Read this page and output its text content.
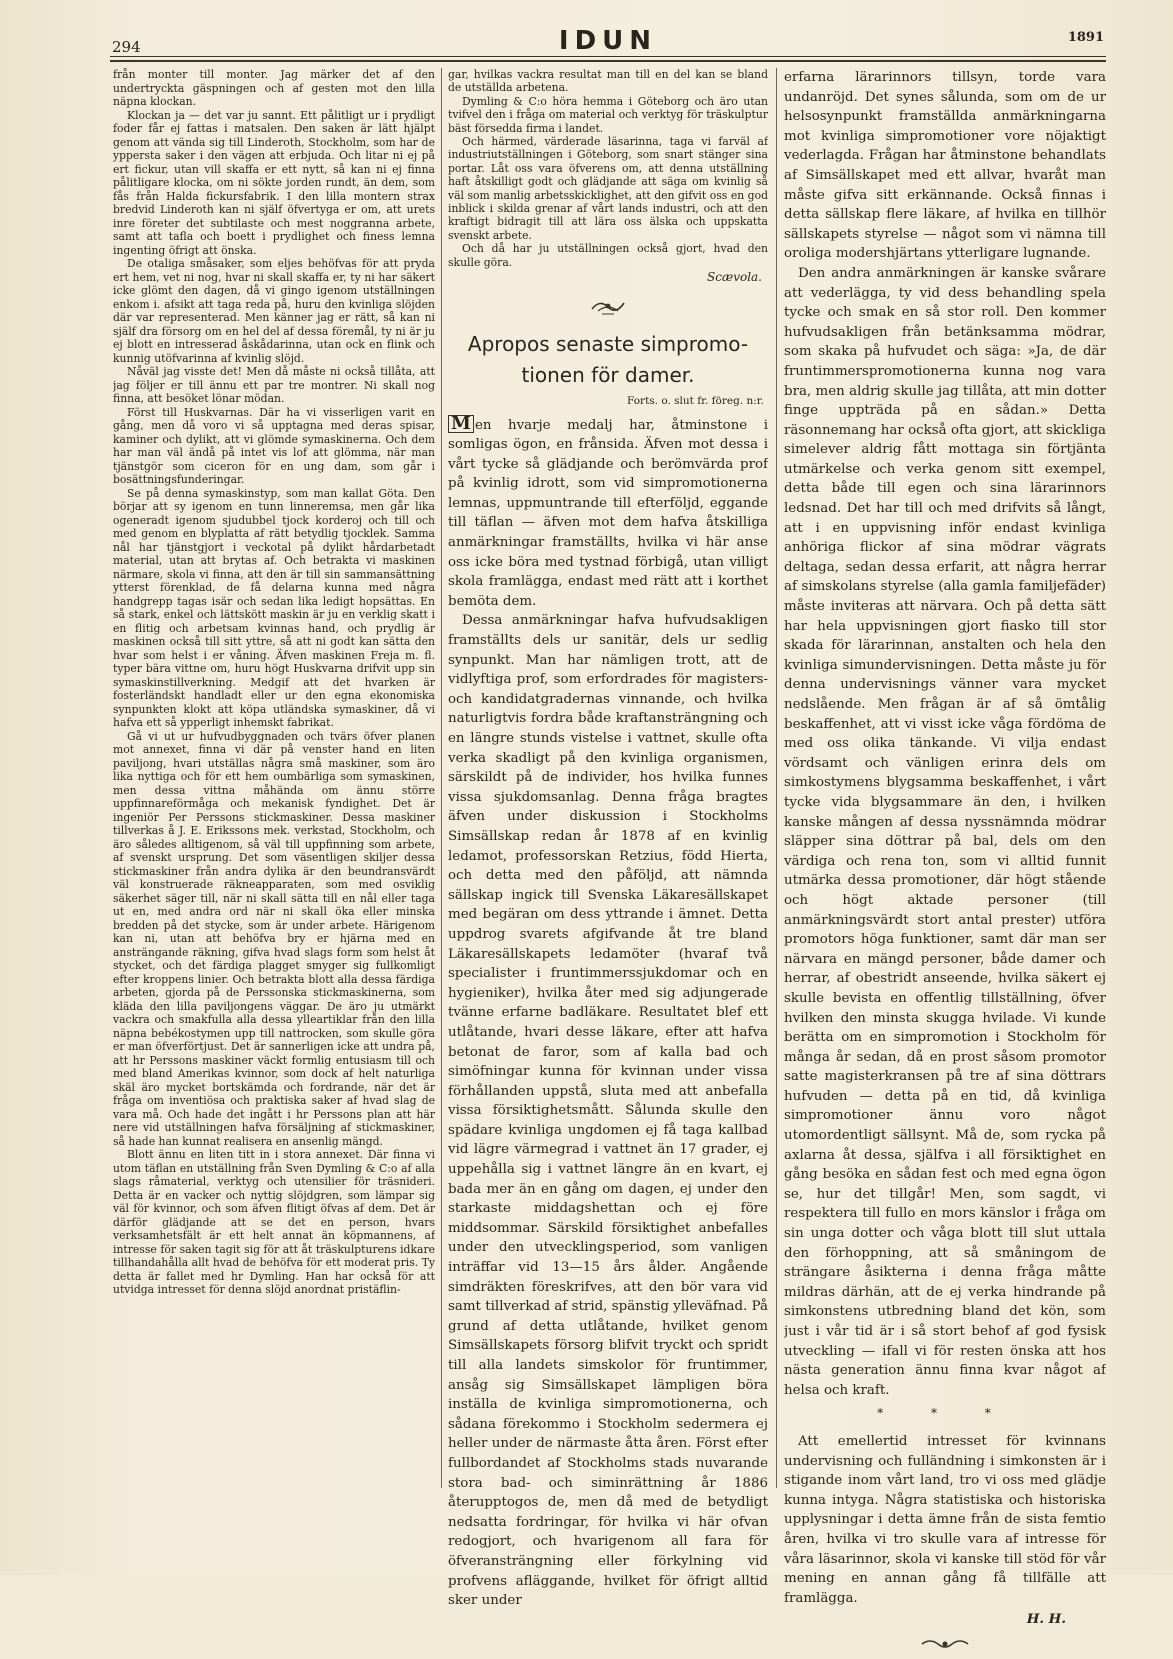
294	IDUN	1891

från monter till monter. Jag märker det af den undertryckta gäspningen och af gesten mot den lilla näpna klockan.

Klockan ja — det var ju sannt. Ett pålitligt ur i prydligt foder får ej fattas i matsalen. Den saken är lätt hjälpt genom att vända sig till Linderoth, Stockholm, som har de yppersta saker i den vägen att erbjuda. Och litar ni ej på ert fickur, utan vill skaffa er ett nytt, så kan ni ej finna pålitligare klocka, om ni sökte jorden rundt, än dem, som fås från Halda fickursfabrik. I den lilla montern strax bredvid Linderoth kan ni själf öfvertyga er om, att urets inre företer det subtilaste och mest noggranna arbete, samt att tafla och boett i prydlighet och finess lemna ingenting öfrigt att önska.

De otaliga småsaker, som eljes behöfvas för att pryda ert hem, vet ni nog, hvar ni skall skaffa er, ty ni har säkert icke glömt den dagen, då vi gingo igenom utställningen enkom i. afsikt att taga reda på, huru den kvinliga slöjden där var representerad. Men känner jag er rätt, så kan ni själf dra försorg om en hel del af dessa föremål, ty ni är ju ej blott en intresserad åskådarinna, utan ock en flink och kunnig utöfvarinna af kvinlig slöjd.

Nåväl jag visste det! Men då måste ni också tillåta, att jag följer er till ännu ett par tre montrer. Ni skall nog finna, att besöket lönar mödan.

Först till Huskvarnas. Där ha vi visserligen varit en gång, men då voro vi så upptagna med deras spisar, kaminer och dylikt, att vi glömde symaskinerna. Och dem har man väl ändå på intet vis lof att glömma, när man tjänstgör som ciceron för en ung dam, som går i bosättningsfunderingar.

Se på denna symaskinstyp, som man kallat Göta. Den börjar att sy igenom en tunn linneremsa, men går lika ogeneradt igenom sjudubbel tjock korderoj och till och med genom en blyplatta af rätt betydlig tjocklek. Samma nål har tjänstgjort i veckotal på dylikt hårdarbetadt material, utan att brytas af. Och betrakta vi maskinen närmare, skola vi finna, att den är till sin sammansättning ytterst förenklad, de få delarna kunna med några handgrepp tagas isär och sedan lika ledigt hopsättas. En så stark, enkel och lättskött maskin är ju en verklig skatt i en flitig och arbetsam kvinnas hand, och prydlig är maskinen också till sitt yttre, så att ni godt kan sätta den hvar som helst i er våning. Äfven maskinen Freja m. fl. typer bära vittne om, huru högt Huskvarna drifvit upp sin symaskinstillverkning. Medgif att det hvarken är fosterländskt handladt eller ur den egna ekonomiska synpunkten klokt att köpa utländska symaskiner, då vi hafva ett så ypperligt inhemskt fabrikat.

Gå vi ut ur hufvudbyggnaden och tvärs öfver planen mot annexet, finna vi där på venster hand en liten paviljong, hvari utställas några små maskiner, som äro lika nyttiga och för ett hem oumbärliga som symaskinen, men dessa vittna måhända om ännu större uppfinnareförmåga och mekanisk fyndighet. Det är ingeniör Per Perssons stickmaskiner. Dessa maskiner tillverkas å J. E. Erikssons mek. verkstad, Stockholm, och äro således alltigenom, så väl till uppfinning som arbete, af svenskt ursprung. Det som väsentligen skiljer dessa stickmaskiner från andra dylika är den beundransvärdt väl konstruerade räkneapparaten, som med osviklig säkerhet säger till, när ni skall sätta till en nål eller taga ut en, med andra ord när ni skall öka eller minska bredden på det stycke, som är under arbete. Härigenom kan ni, utan att behöfva bry er hjärna med en ansträngande räkning, gifva hvad slags form som helst åt stycket, och det färdiga plagget smyger sig fullkomligt efter kroppens linier. Och betrakta blott alla dessa färdiga arbeten, gjorda på de Perssonska stickmaskinerna, som kläda den lilla paviljongens väggar. De äro ju utmärkt vackra och smakfulla alla dessa ylleartiklar från den lilla näpna bebékostymen upp till nattrocken, som skulle göra er man öfverförtjust. Det är sannerligen icke att undra på, att hr Perssons maskiner väckt formlig entusiasm till och med bland Amerikas kvinnor, som dock af helt naturliga skäl äro mycket bortskämda och fordrande, när det är fråga om inventiösa och praktiska saker af hvad slag de vara må. Och hade det ingått i hr Perssons plan att här nere vid utställningen hafva försäljning af stickmaskiner, så hade han kunnat realisera en ansenlig mängd.

Blott ännu en liten titt in i stora annexet. Där finna vi utom täflan en utställning från Sven Dymling & C:o af alla slags råmaterial, verktyg och utensilier för träsnideri. Detta är en vacker och nyttig slöjdgren, som lämpar sig väl för kvinnor, och som äfven flitigt öfvas af dem. Det är därför glädjande att se det en person, hvars verksamhetsfält är ett helt annat än köpmannens, af intresse för saken tagit sig för att åt träskulpturens idkare tillhandahålla allt hvad de behöfva för ett moderat pris. Ty detta är fallet med hr Dymling. Han har också för att utvidga intresset för denna slöjd anordnat pristäflin-

gar, hvilkas vackra resultat man till en del kan se bland de utställda arbetena.

Dymling & C:o höra hemma i Göteborg och äro utan tvifvel den i fråga om material och verktyg för träskulptur bäst försedda firma i landet.

Och härmed, värderade läsarinna, taga vi farväl af industriutställningen i Göteborg, som snart stänger sina portar. Låt oss vara öfverens om, att denna utställning haft åtskilligt godt och glädjande att säga om kvinlig så väl som manlig arbetsskicklighet, att den gifvit oss en god inblick i skilda grenar af vårt lands industri, och att den kraftigt bidragit till att lära oss älska och uppskatta svenskt arbete.

Och då har ju utställningen också gjort, hvad den skulle göra.

Scævola.
Apropos senaste simpromo-
tionen för damer.
Forts. o. slut fr. föreg. n:r.

M en hvarje medalj har, åtminstone i somligas ögon, en frånsida. Äfven mot dessa i vårt tycke så glädjande och berömvärda prof på kvinlig idrott, som vid simpromotionerna lemnas, uppmuntrande till efterföljd, eggande till täflan — äfven mot dem hafva åtskilliga anmärkningar framställts, hvilka vi här anse oss icke böra med tystnad förbigå, utan villigt skola framlägga, endast med rätt att i korthet bemöta dem.

Dessa anmärkningar hafva hufvudsakligen framställts dels ur sanitär, dels ur sedlig synpunkt. Man har nämligen trott, att de vidlyftiga prof, som erfordrades för magisters- och kandidatgradernas vinnande, och hvilka naturligtvis fordra både kraftansträngning och en längre stunds vistelse i vattnet, skulle ofta verka skadligt på den kvinliga organismen, särskildt på de individer, hos hvilka funnes vissa sjukdomsanlag. Denna fråga bragtes äfven under diskussion i Stockholms Simsällskap redan år 1878 af en kvinlig ledamot, professorskan Retzius, född Hierta, och detta med den påföljd, att nämnda sällskap ingick till Svenska Läkaresällskapet med begäran om dess yttrande i ämnet. Detta uppdrog svarets afgifvande åt tre bland Läkaresällskapets ledamöter (hvaraf två specialister i fruntimmerssjukdomar och en hygieniker), hvilka åter med sig adjungerade tvänne erfarne badläkare. Resultatet blef ett utlåtande, hvari desse läkare, efter att hafva betonat de faror, som af kalla bad och simöfningar kunna för kvinnan under vissa förhållanden uppstå, sluta med att anbefalla vissa försiktighetsmått. Sålunda skulle den spädare kvinliga ungdomen ej få taga kallbad vid lägre värmegrad i vattnet än 17 grader, ej uppehålla sig i vattnet längre än en kvart, ej bada mer än en gång om dagen, ej under den starkaste middagshettan och ej före middsommar. Särskild försiktighet anbefalles under den utvecklingsperiod, som vanligen inträffar vid 13—15 års ålder. Angående simdräkten föreskrifves, att den bör vara vid samt tillverkad af strid, spänstig ylleväfnad. På grund af detta utlåtande, hvilket genom Simsällskapets försorg blifvit tryckt och spridt till alla landets simskolor för fruntimmer, ansåg sig Simsällskapet lämpligen böra inställa de kvinliga simpromotionerna, och sådana förekommo i Stockholm sedermera ej heller under de närmaste åtta åren. Först efter fullbordandet af Stockholms stads nuvarande stora bad- och siminrättning år 1886 återupptogos de, men då med de betydligt nedsatta fordringar, för hvilka vi här ofvan redogjort, och hvarigenom all fara för öfveransträngning eller förkylning vid profvens afläggande, hvilket för öfrigt alltid sker under

erfarna lärarinnors tillsyn, torde vara undanröjd. Det synes sålunda, som om de ur helsosynpunkt framställda anmärkningarna mot kvinliga simpromotioner vore nöjaktigt vederlagda. Frågan har åtminstone behandlats af Simsällskapet med ett allvar, hvaråt man måste gifva sitt erkännande. Också finnas i detta sällskap flere läkare, af hvilka en tillhör sällskapets styrelse — något som vi nämna till oroliga modershjärtans ytterligare lugnande.

Den andra anmärkningen är kanske svårare att vederlägga, ty vid dess behandling spela tycke och smak en så stor roll. Den kommer hufvudsakligen från betänksamma mödrar, som skaka på hufvudet och säga: »Ja, de där fruntimmerspromotionerna kunna nog vara bra, men aldrig skulle jag tillåta, att min dotter finge uppträda på en sådan.» Detta räsonnemang har också ofta gjort, att skickliga simelever aldrig fått mottaga sin förtjänta utmärkelse och verka genom sitt exempel, detta både till egen och sina lärarinnors ledsnad. Det har till och med drifvits så långt, att i en uppvisning inför endast kvinliga anhöriga flickor af sina mödrar vägrats deltaga, sedan dessa erfarit, att några herrar af simskolans styrelse (alla gamla familjefäder) måste inviteras att närvara. Och på detta sätt har hela uppvisningen gjort fiasko till stor skada för lärarinnan, anstalten och hela den kvinliga simundervisningen. Detta måste ju för denna undervisnings vänner vara mycket nedslående. Men frågan är af så ömtålig beskaffenhet, att vi visst icke våga fördöma de med oss olika tänkande. Vi vilja endast vördsamt och vänligen erinra dels om simkostymens blygsamma beskaffenhet, i vårt tycke vida blygsammare än den, i hvilken kanske mången af dessa nyssnämnda mödrar släpper sina döttrar på bal, dels om den värdiga och rena ton, som vi alltid funnit utmärka dessa promotioner, där högt stående och högt aktade personer (till anmärkningsvärdt stort antal prester) utföra promotors höga funktioner, samt där man ser närvara en mängd personer, både damer och herrar, af obestridt anseende, hvilka säkert ej skulle bevista en offentlig tillställning, öfver hvilken den minsta skugga hvilade. Vi kunde berätta om en simpromotion i Stockholm för många år sedan, då en prost såsom promotor satte magisterkransen på tre af sina döttrars hufvuden — detta på en tid, då kvinliga simpromotioner ännu voro något utomordentligt sällsynt. Må de, som rycka på axlarna åt dessa, själfva i all försiktighet en gång besöka en sådan fest och med egna ögon se, hur det tillgår! Men, som sagdt, vi respektera till fullo en mors känslor i fråga om sin unga dotter och våga blott till slut uttala den förhoppning, att så småningom de strängare åsikterna i denna fråga måtte mildras därhän, att de ej verka hindrande på simkonstens utbredning bland det kön, som just i vår tid är i så stort behof af god fysisk utveckling — ifall vi för resten önska att hos nästa generation ännu finna kvar något af helsa och kraft.

* * *

Att emellertid intresset för kvinnans undervisning och fulländning i simkonsten är i stigande inom vårt land, tro vi oss med glädje kunna intyga. Några statistiska och historiska upplysningar i detta ämne från de sista femtio åren, hvilka vi tro skulle vara af intresse för våra läsarinnor, skola vi kanske till stöd för vår mening en annan gång få tillfälle att framlägga.

H. H.
